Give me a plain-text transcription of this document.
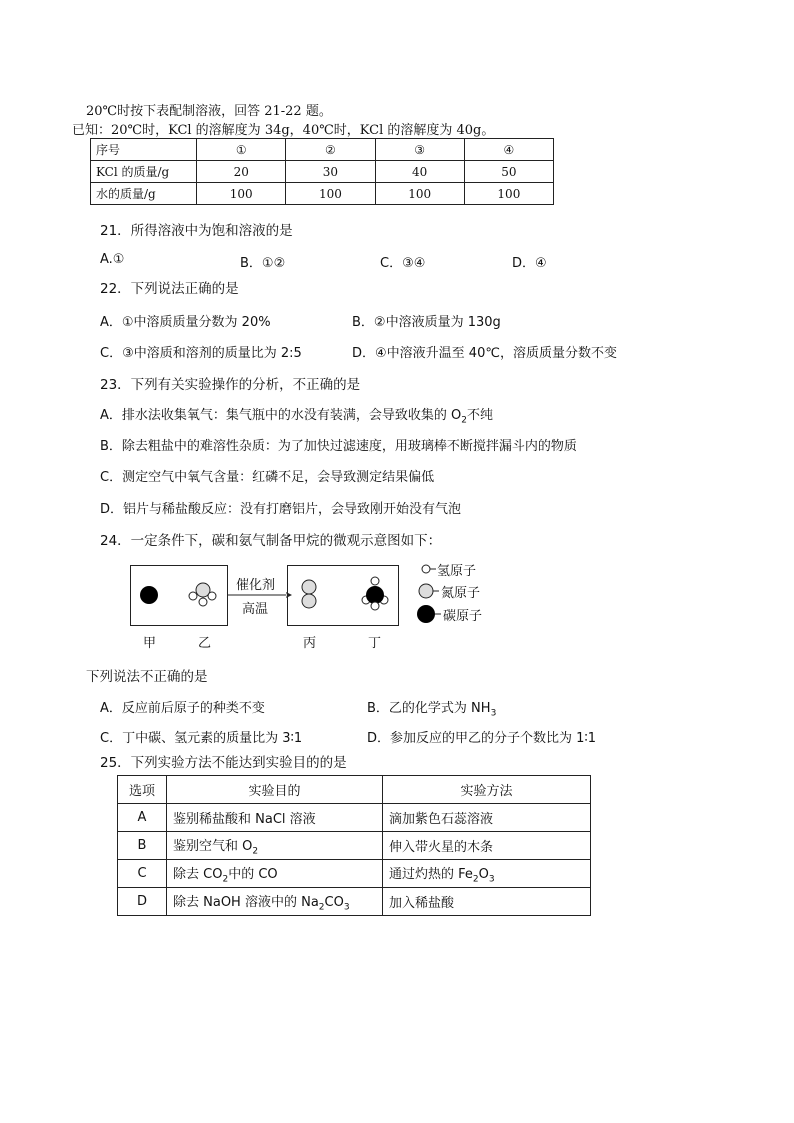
20℃时按下表配制溶液，回答 21-22 题。
已知：20℃时，KCl 的溶解度为 34g，40℃时，KCl 的溶解度为 40g。
序号	①	②	③	④
KCl 的质量/g	20	30	40	50
水的质量/g	100	100	100	100
21．所得溶液中为饱和溶液的是
A.①	B．①②	C．③④	D．④
22．下列说法正确的是
A．①中溶质质量分数为 20%	B．②中溶液质量为 130g
C．③中溶质和溶剂的质量比为 2:5	D．④中溶液升温至 40℃，溶质质量分数不变
23．下列有关实验操作的分析，不正确的是
A．排水法收集氧气：集气瓶中的水没有装满，会导致收集的 $O_2$不纯
B．除去粗盐中的难溶性杂质：为了加快过滤速度，用玻璃棒不断搅拌漏斗内的物质
C．测定空气中氧气含量：红磷不足，会导致测定结果偏低
D．铝片与稀盐酸反应：没有打磨铝片，会导致刚开始没有气泡
24．一定条件下，碳和氨气制备甲烷的微观示意图如下：
催化剂
高温
氢原子
氮原子
碳原子
甲	乙	丙	丁
下列说法不正确的是
A．反应前后原子的种类不变	B．乙的化学式为 $NH_3$
C．丁中碳、氢元素的质量比为 3∶1	D．参加反应的甲乙的分子个数比为 1∶1
25．下列实验方法不能达到实验目的的是
选项	实验目的	实验方法
A	鉴别稀盐酸和 NaCl 溶液	滴加紫色石蕊溶液
B	鉴别空气和 $O_2$	伸入带火星的木条
C	除去 $CO_2$中的 CO	通过灼热的 $Fe_2O_3$
D	除去 NaOH 溶液中的 $Na_2CO_3$	加入稀盐酸
